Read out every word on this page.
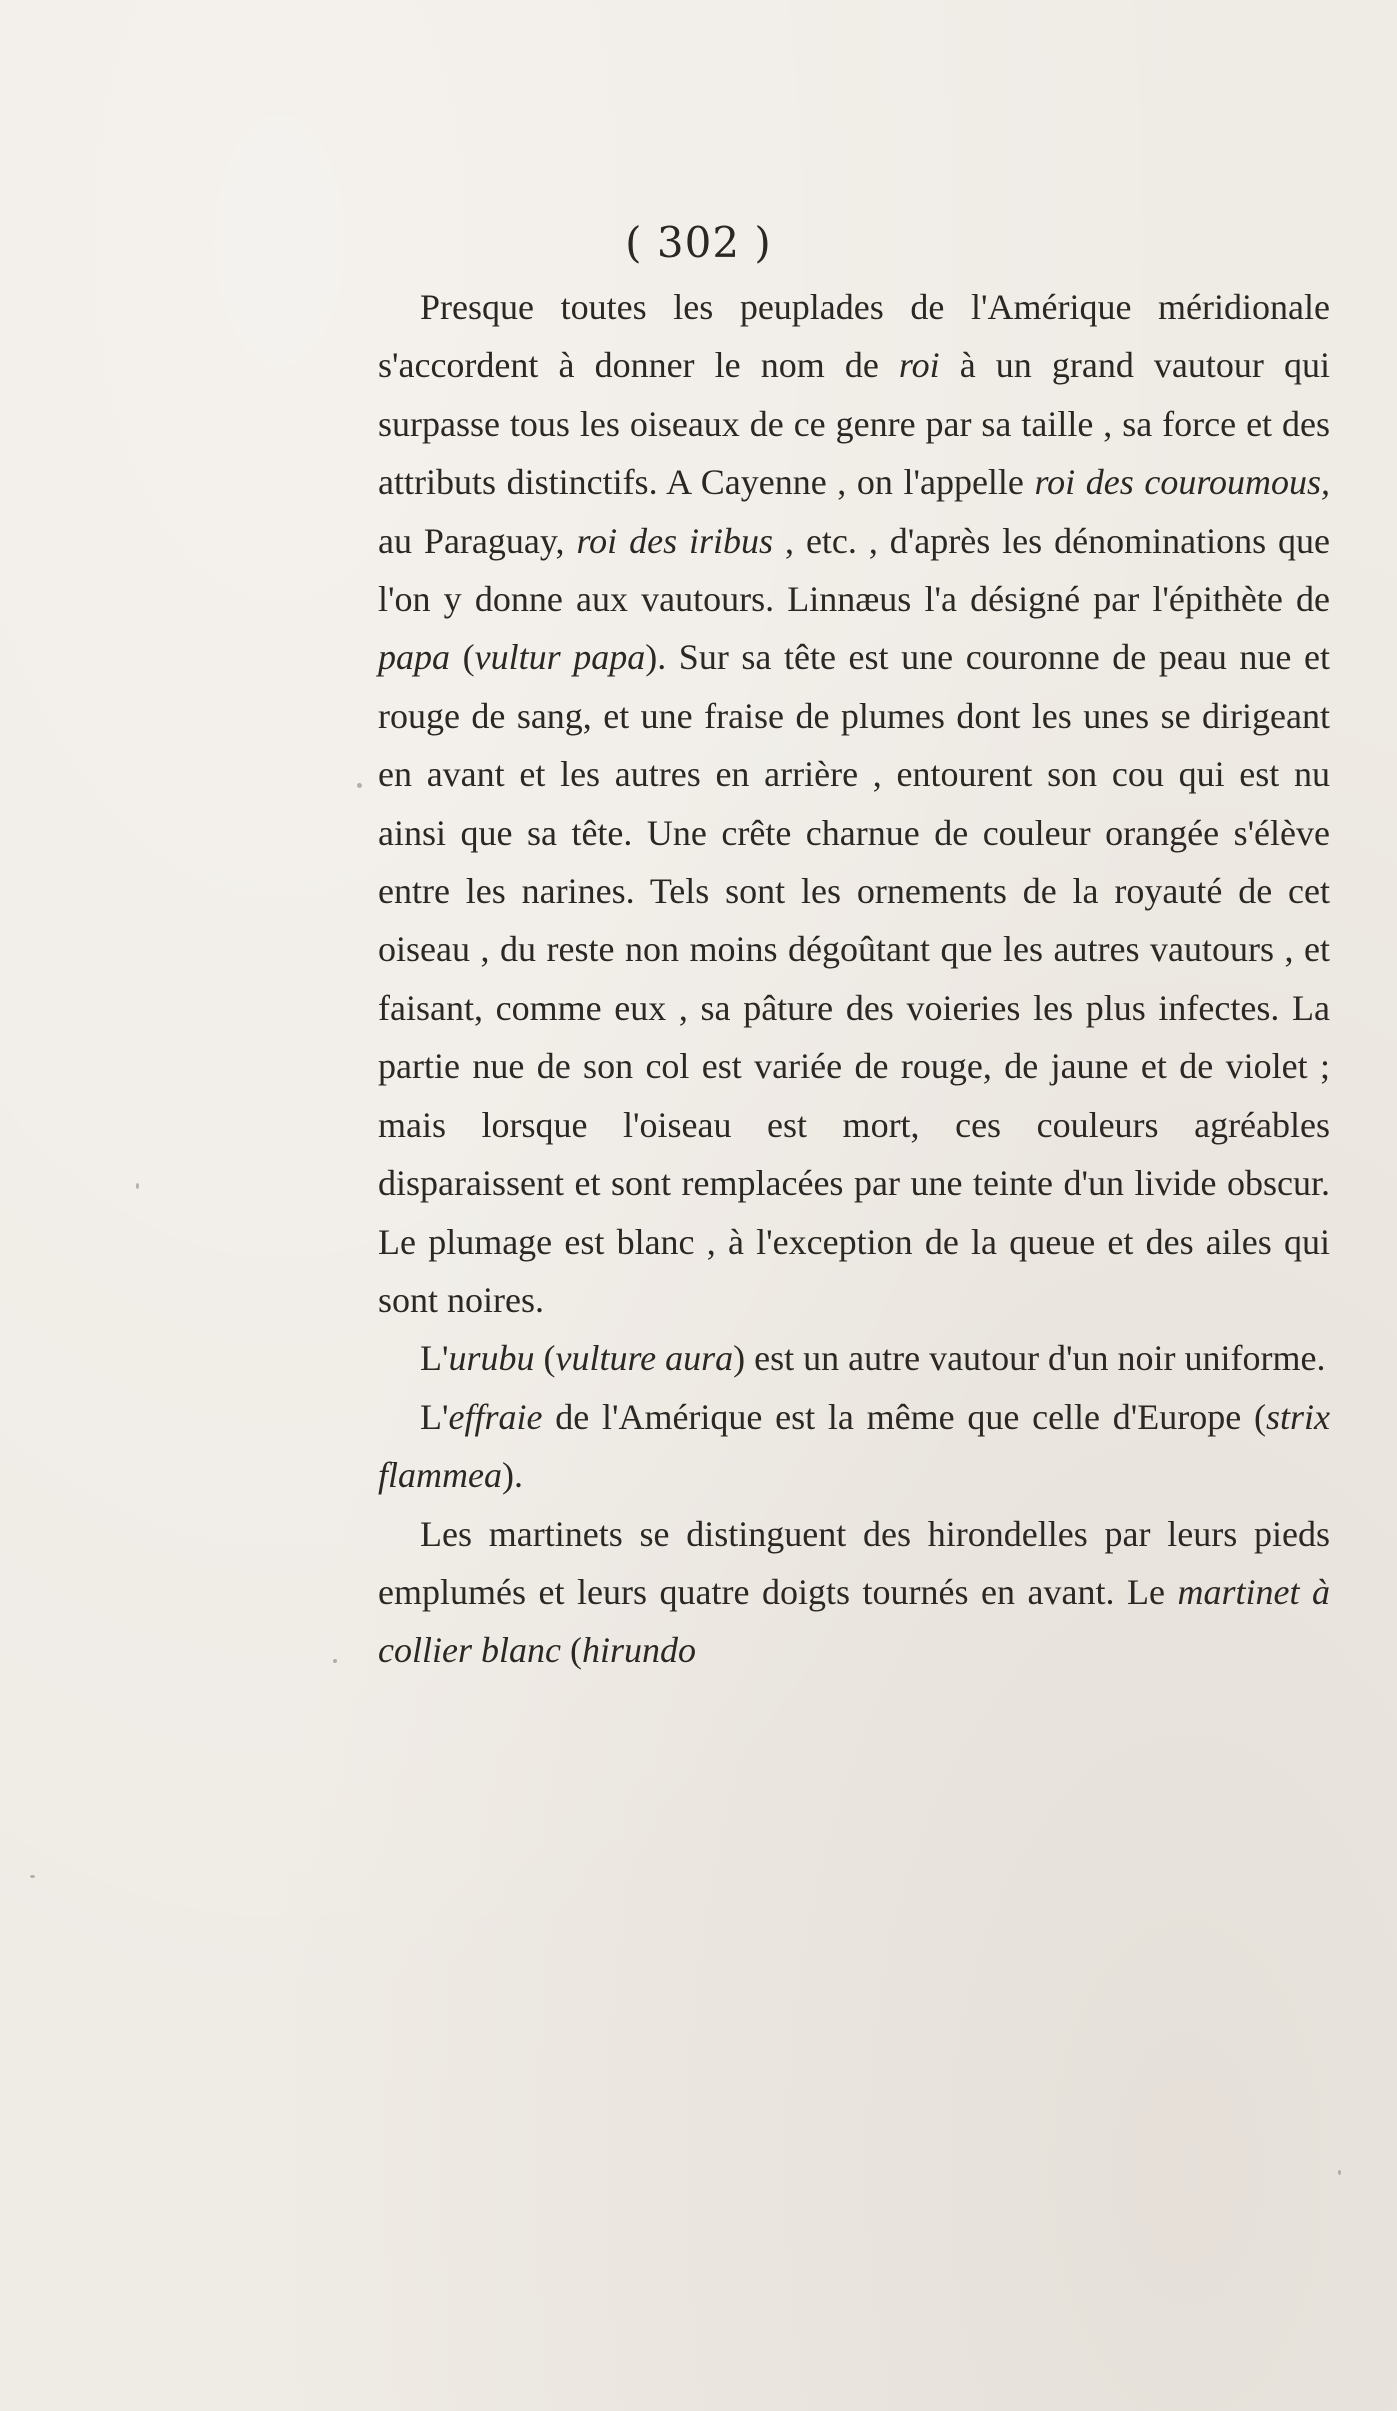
( 302 )

Presque toutes les peuplades de l'Amérique méridionale s'accordent à donner le nom de roi à un grand vautour qui surpasse tous les oiseaux de ce genre par sa taille , sa force et des attributs distinctifs. A Cayenne , on l'appelle roi des couroumous, au Paraguay, roi des iribus , etc. , d'après les dénominations que l'on y donne aux vautours. Linnæus l'a désigné par l'épithète de papa (vultur papa). Sur sa tête est une couronne de peau nue et rouge de sang, et une fraise de plumes dont les unes se dirigeant en avant et les autres en arrière , entourent son cou qui est nu ainsi que sa tête. Une crête charnue de couleur orangée s'élève entre les narines. Tels sont les ornements de la royauté de cet oiseau , du reste non moins dégoûtant que les autres vautours , et faisant, comme eux , sa pâture des voieries les plus infectes. La partie nue de son col est variée de rouge, de jaune et de violet ; mais lorsque l'oiseau est mort, ces couleurs agréables disparaissent et sont remplacées par une teinte d'un livide obscur. Le plumage est blanc , à l'exception de la queue et des ailes qui sont noires.

L'urubu (vulture aura) est un autre vautour d'un noir uniforme.

L'effraie de l'Amérique est la même que celle d'Europe (strix flammea).

Les martinets se distinguent des hirondelles par leurs pieds emplumés et leurs quatre doigts tournés en avant. Le martinet à collier blanc (hirundo
